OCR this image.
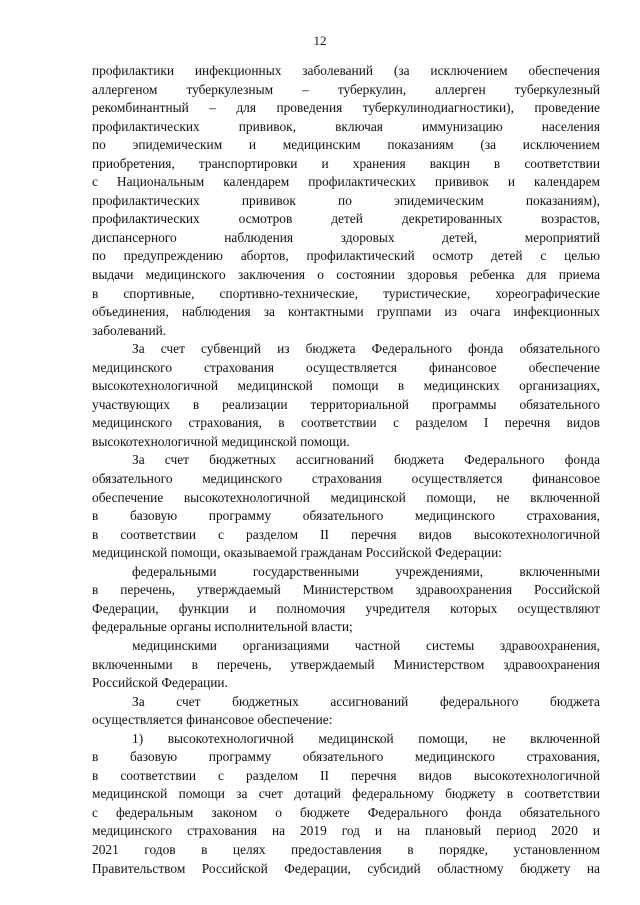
12
профилактики инфекционных заболеваний (за исключением обеспечения
аллергеном туберкулезным – туберкулин, аллерген туберкулезный
рекомбинантный – для проведения туберкулинодиагностики), проведение
профилактических прививок, включая иммунизацию населения
по эпидемическим и медицинским показаниям (за исключением
приобретения, транспортировки и хранения вакцин в соответствии
с Национальным календарем профилактических прививок и календарем
профилактических прививок по эпидемическим показаниям),
профилактических осмотров детей декретированных возрастов,
диспансерного наблюдения здоровых детей, мероприятий
по предупреждению абортов, профилактический осмотр детей с целью
выдачи медицинского заключения о состоянии здоровья ребенка для приема
в спортивные, спортивно-технические, туристические, хореографические
объединения, наблюдения за контактными группами из очага инфекционных
заболеваний.
За счет субвенций из бюджета Федерального фонда обязательного
медицинского страхования осуществляется финансовое обеспечение
высокотехнологичной медицинской помощи в медицинских организациях,
участвующих в реализации территориальной программы обязательного
медицинского страхования, в соответствии с разделом I перечня видов
высокотехнологичной медицинской помощи.
За счет бюджетных ассигнований бюджета Федерального фонда
обязательного медицинского страхования осуществляется финансовое
обеспечение высокотехнологичной медицинской помощи, не включенной
в базовую программу обязательного медицинского страхования,
в соответствии с разделом II перечня видов высокотехнологичной
медицинской помощи, оказываемой гражданам Российской Федерации:
федеральными государственными учреждениями, включенными
в перечень, утверждаемый Министерством здравоохранения Российской
Федерации, функции и полномочия учредителя которых осуществляют
федеральные органы исполнительной власти;
медицинскими организациями частной системы здравоохранения,
включенными в перечень, утверждаемый Министерством здравоохранения
Российской Федерации.
За счет бюджетных ассигнований федерального бюджета
осуществляется финансовое обеспечение:
1) высокотехнологичной медицинской помощи, не включенной
в базовую программу обязательного медицинского страхования,
в соответствии с разделом II перечня видов высокотехнологичной
медицинской помощи за счет дотаций федеральному бюджету в соответствии
с федеральным законом о бюджете Федерального фонда обязательного
медицинского страхования на 2019 год и на плановый период 2020 и
2021 годов в целях предоставления в порядке, установленном
Правительством Российской Федерации, субсидий областному бюджету на
